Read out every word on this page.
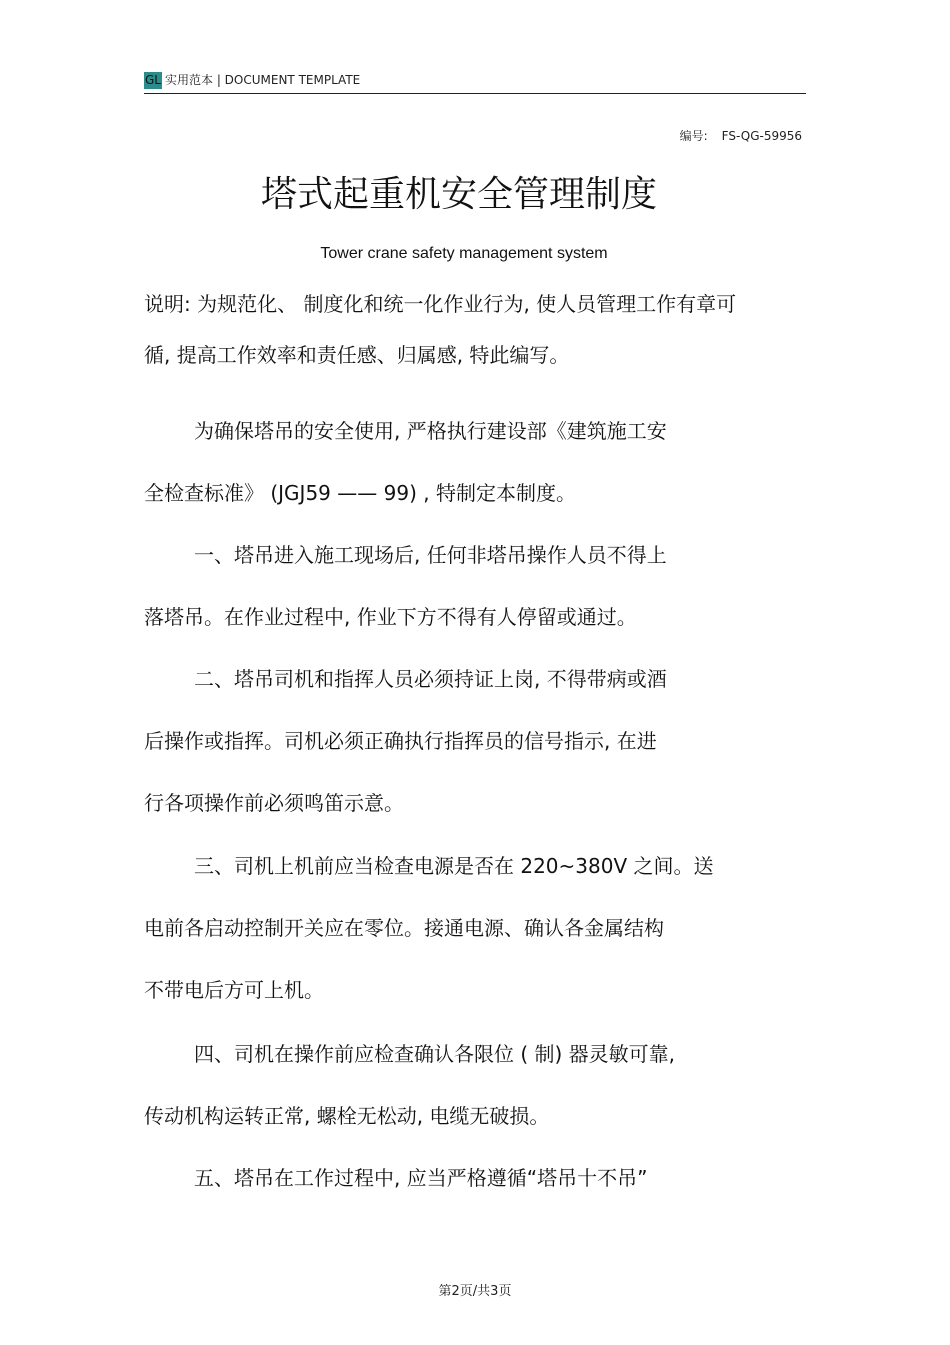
GL 实用范本 | DOCUMENT TEMPLATE
编号: FS-QG-59956
塔式起重机安全管理制度
Tower crane safety management system
说明: 为规范化、 制度化和统一化作业行为, 使人员管理工作有章可
循, 提高工作效率和责任感、归属感, 特此编写。
为确保塔吊的安全使用, 严格执行建设部《建筑施工安
全检查标准》 (JGJ59 —— 99) , 特制定本制度。
一、塔吊进入施工现场后, 任何非塔吊操作人员不得上
落塔吊。在作业过程中, 作业下方不得有人停留或通过。
二、塔吊司机和指挥人员必须持证上岗, 不得带病或酒
后操作或指挥。司机必须正确执行指挥员的信号指示, 在进
行各项操作前必须鸣笛示意。
三、司机上机前应当检查电源是否在 220~380V 之间。送
电前各启动控制开关应在零位。接通电源、确认各金属结构
不带电后方可上机。
四、司机在操作前应检查确认各限位 ( 制) 器灵敏可靠,
传动机构运转正常, 螺栓无松动, 电缆无破损。
五、塔吊在工作过程中, 应当严格遵循“塔吊十不吊”
第2页/共3页
